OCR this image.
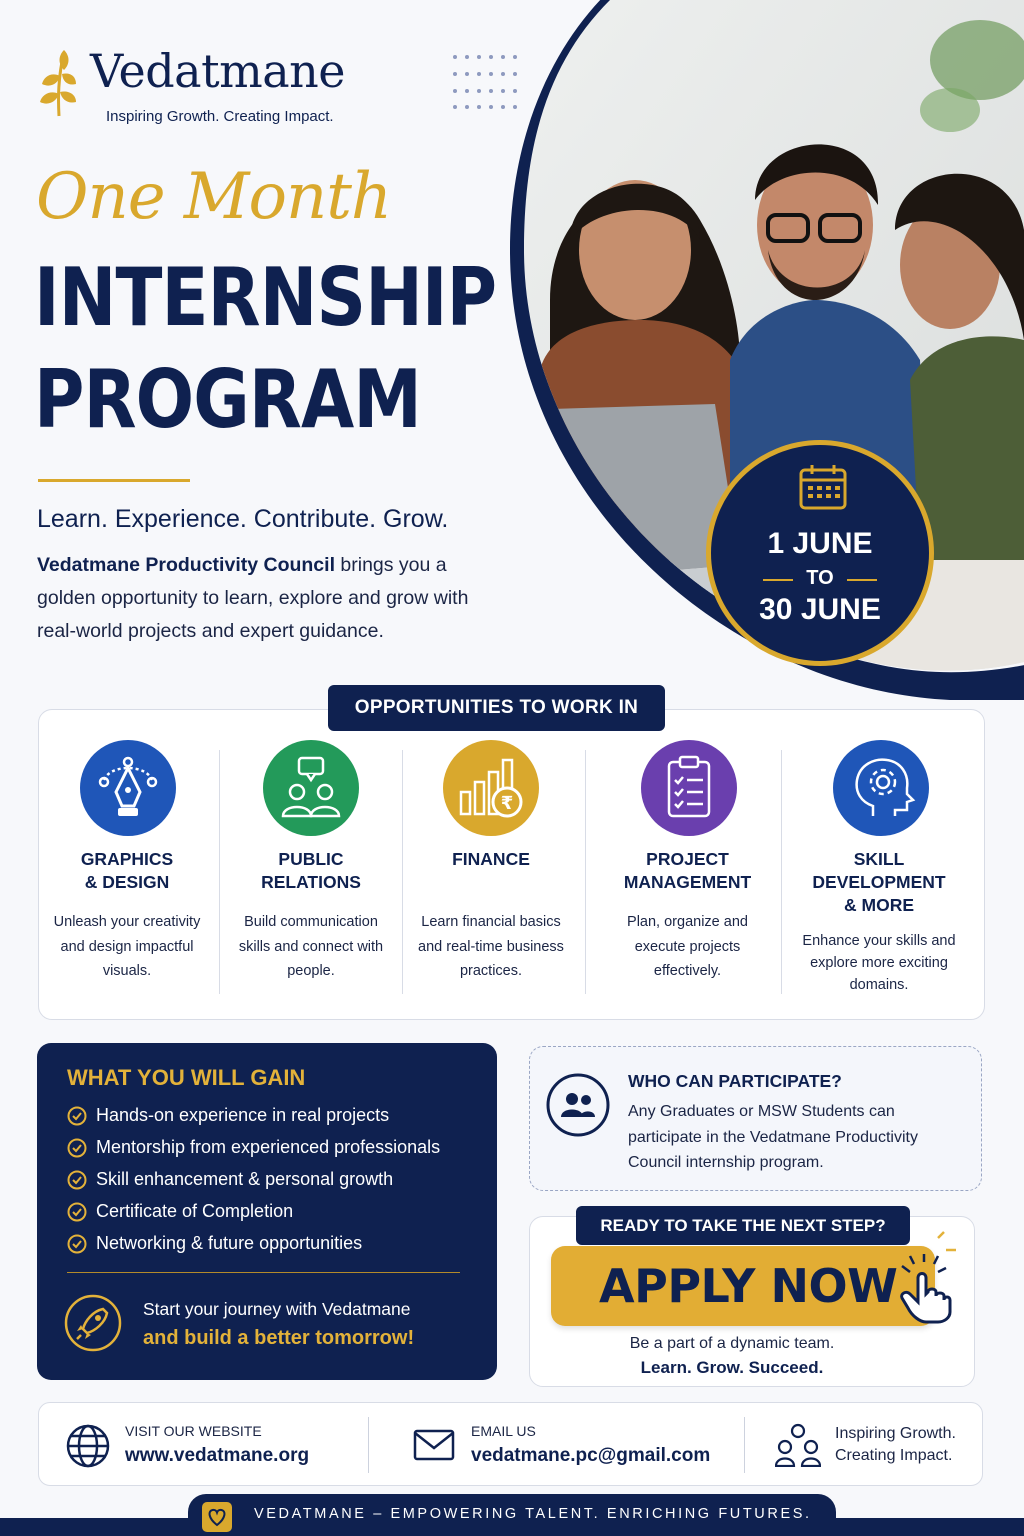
Vedatmane
Inspiring Growth. Creating Impact.
One Month
INTERNSHIP
PROGRAM
Learn. Experience. Contribute. Grow.

Vedatmane Productivity Council brings you a golden opportunity to learn, explore and grow with real-world projects and expert guidance.

1 JUNE
TO
30 JUNE
OPPORTUNITIES TO WORK IN
GRAPHICS
& DESIGN
Unleash your creativity and design impactful visuals.
PUBLIC
RELATIONS
Build communication skills and connect with people.
₹
FINANCE
Learn financial basics and real-time business practices.
PROJECT
MANAGEMENT
Plan, organize and execute projects effectively.
SKILL
DEVELOPMENT
& MORE
Enhance your skills and explore more exciting domains.
WHAT YOU WILL GAIN
Hands-on experience in real projects
Mentorship from experienced professionals
Skill enhancement & personal growth
Certificate of Completion
Networking & future opportunities
Start your journey with Vedatmane
and build a better tomorrow!
WHO CAN PARTICIPATE?
Any Graduates or MSW Students can participate in the Vedatmane Productivity Council internship program.
READY TO TAKE THE NEXT STEP?
APPLY NOW
Be a part of a dynamic team.
Learn. Grow. Succeed.
VISIT OUR WEBSITE
www.vedatmane.org
EMAIL US
vedatmane.pc@gmail.com
Inspiring Growth.
Creating Impact.
VEDATMANE – EMPOWERING TALENT. ENRICHING FUTURES.
